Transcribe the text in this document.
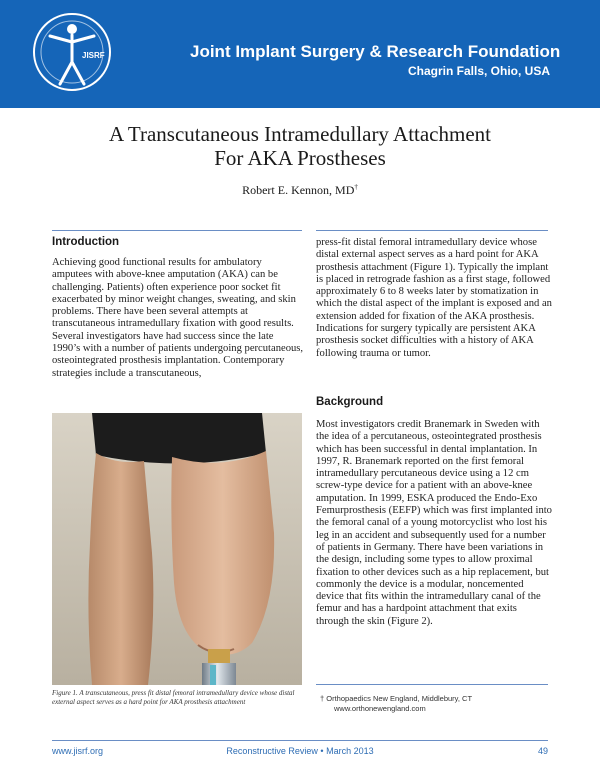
JISRF	Joint Implant Surgery & Research Foundation
Chagrin Falls, Ohio, USA
A Transcutaneous Intramedullary Attachment
For AKA Prostheses
Robert E. Kennon, MD†
Introduction
Achieving good functional results for ambulatory amputees with above-knee amputation (AKA) can be challenging. Patients) often experience poor socket fit exacerbated by minor weight changes, sweating, and skin problems. There have been several attempts at transcutaneous intramedullary fixation with good results. Several investigators have had success since the late 1990’s with a number of patients undergoing percutaneous, osteointegrated prosthesis implantation. Contemporary strategies include a transcutaneous,
press-fit distal femoral intramedullary device whose distal external aspect serves as a hard point for AKA prosthesis attachment (Figure 1). Typically the implant is placed in retrograde fashion as a first stage, followed approximately 6 to 8 weeks later by stomatization in which the distal aspect of the implant is exposed and an extension added for fixation of the AKA prosthesis. Indications for surgery typically are persistent AKA prosthesis socket difficulties with a history of AKA following trauma or tumor.
Background
Most investigators credit Branemark in Sweden with the idea of a percutaneous, osteointegrated prosthesis which has been successful in dental implantation. In 1997, R. Branemark reported on the first femoral intramedullary percutaneous device using a 12 cm screw-type device for a patient with an above-knee amputation. In 1999, ESKA produced the Endo-Exo Femurprosthesis (EEFP) which was first implanted into the femoral canal of a young motorcyclist who lost his leg in an accident and subsequently used for a number of patients in Germany. There have been variations in the design, including some types to allow proximal fixation to other devices such as a hip replacement, but commonly the device is a modular, noncemented device that fits within the intramedullary canal of the femur and has a hardpoint attachment that exits through the skin (Figure 2).
Figure 1. A transcutaneous, press fit distal femoral intramedullary device whose distal external aspect serves as a hard point for AKA prosthesis attachment	† Orthopaedics New England, Middlebury, CT
www.orthonewengland.com
www.jisrf.org	Reconstructive Review • March 2013	49
